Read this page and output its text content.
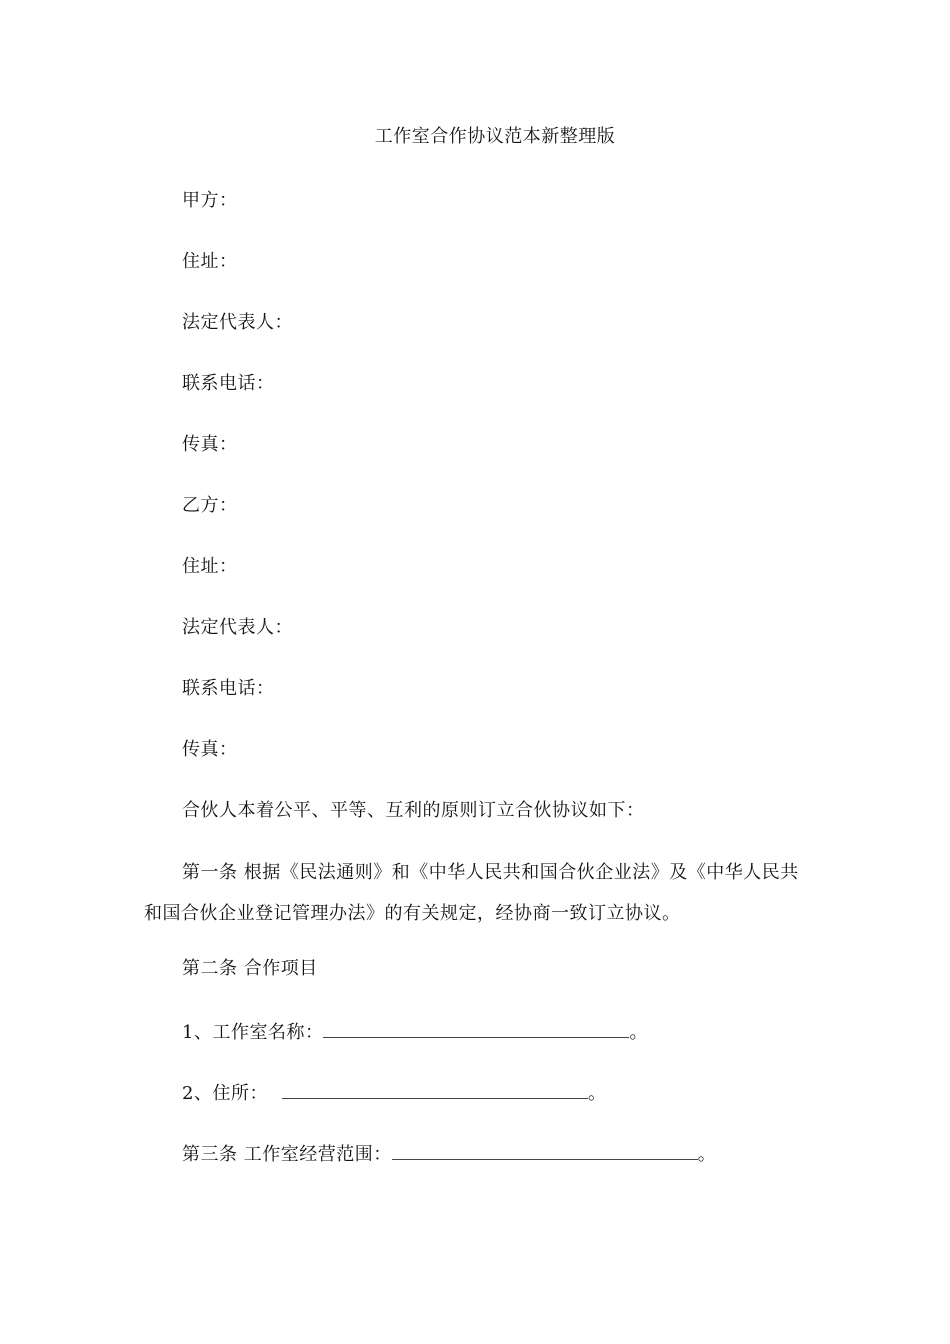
工作室合作协议范本新整理版
甲方：
住址：
法定代表人：
联系电话：
传真：
乙方：
住址：
法定代表人：
联系电话：
传真：
合伙人本着公平、平等、互利的原则订立合伙协议如下：
第一条 根据《民法通则》和《中华人民共和国合伙企业法》及《中华人民共和国合伙企业登记管理办法》的有关规定，经协商一致订立协议。
第二条 合作项目
1、工作室名称：	。
2、住所：	。
第三条 工作室经营范围：	。
